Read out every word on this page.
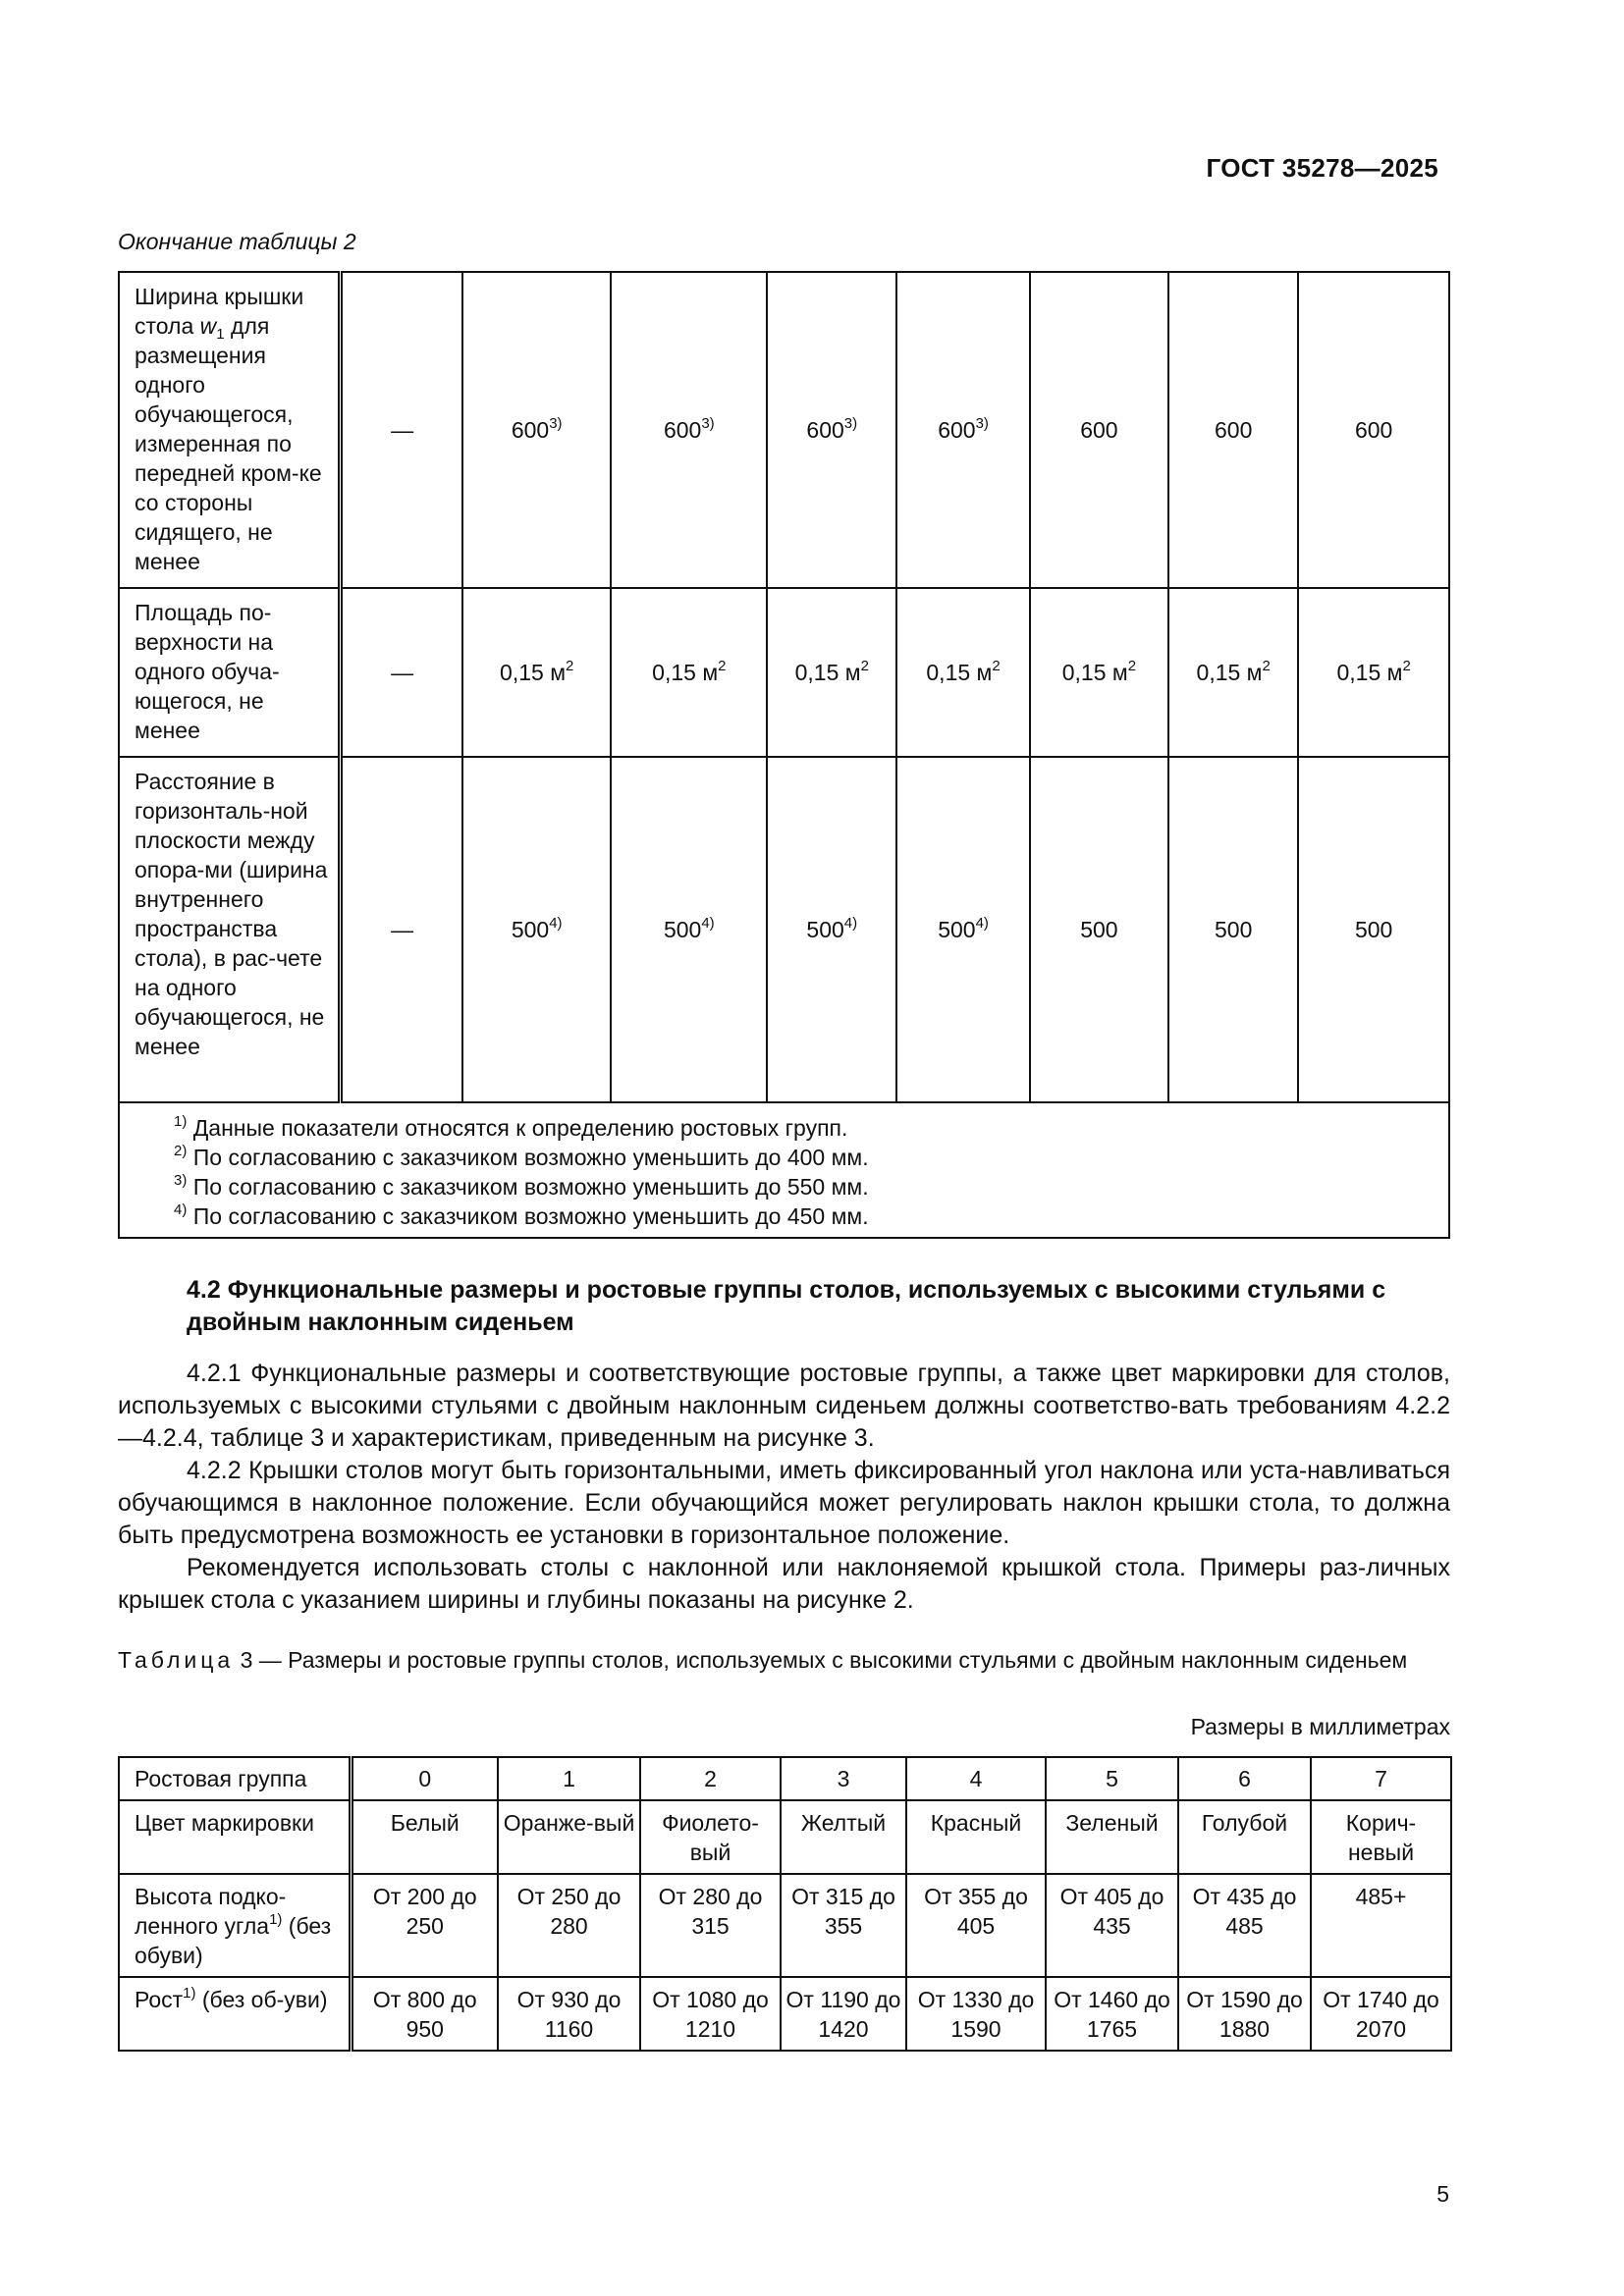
ГОСТ 35278—2025
Окончание таблицы 2
Ширина крышки стола $w_1$ для размещения одного обучающегося, измеренная по передней кром-ке со стороны сидящего, не менее	—	600$^{3)}$	600$^{3)}$	600$^{3)}$	600$^{3)}$	600	600	600
Площадь по-верхности на одного обуча-ющегося, не менее	—	0,15 $м^2$	0,15 $м^2$	0,15 $м^2$	0,15 $м^2$	0,15 $м^2$	0,15 $м^2$	0,15 $м^2$
Расстояние в горизонталь-ной плоскости между опора-ми (ширина внутреннего пространства стола), в рас-чете на одного обучающегося, не менее	—	500$^{4)}$	500$^{4)}$	500$^{4)}$	500$^{4)}$	500	500	500

$^{1)}$ Данные показатели относятся к определению ростовых групп.
$^{2)}$ По согласованию с заказчиком возможно уменьшить до 400 мм.
$^{3)}$ По согласованию с заказчиком возможно уменьшить до 550 мм.
$^{4)}$ По согласованию с заказчиком возможно уменьшить до 450 мм.								
4.2 Функциональные размеры и ростовые группы столов, используемых с высокими стульями с двойным наклонным сиденьем
4.2.1 Функциональные размеры и соответствующие ростовые группы, а также цвет маркировки для столов, используемых с высокими стульями с двойным наклонным сиденьем должны соответство-вать требованиям 4.2.2—4.2.4, таблице 3 и характеристикам, приведенным на рисунке 3.
4.2.2 Крышки столов могут быть горизонтальными, иметь фиксированный угол наклона или уста-навливаться обучающимся в наклонное положение. Если обучающийся может регулировать наклон крышки стола, то должна быть предусмотрена возможность ее установки в горизонтальное положение.
Рекомендуется использовать столы с наклонной или наклоняемой крышкой стола. Примеры раз-личных крышек стола с указанием ширины и глубины показаны на рисунке 2.
Таблица 3 — Размеры и ростовые группы столов, используемых с высокими стульями с двойным наклонным сиденьем
Размеры в миллиметрах
Ростовая группа	0	1	2	3	4	5	6	7
Цвет маркировки	Белый	Оранже-вый	Фиолето-вый	Желтый	Красный	Зеленый	Голубой	Корич-невый
Высота подко-ленного угла$^{1)}$ (без обуви)	От 200 до 250	От 250 до 280	От 280 до 315	От 315 до 355	От 355 до 405	От 405 до 435	От 435 до 485	485+
Рост$^{1)}$ (без об-уви)	От 800 до 950	От 930 до 1160	От 1080 до 1210	От 1190 до 1420	От 1330 до 1590	От 1460 до 1765	От 1590 до 1880	От 1740 до 2070
5
